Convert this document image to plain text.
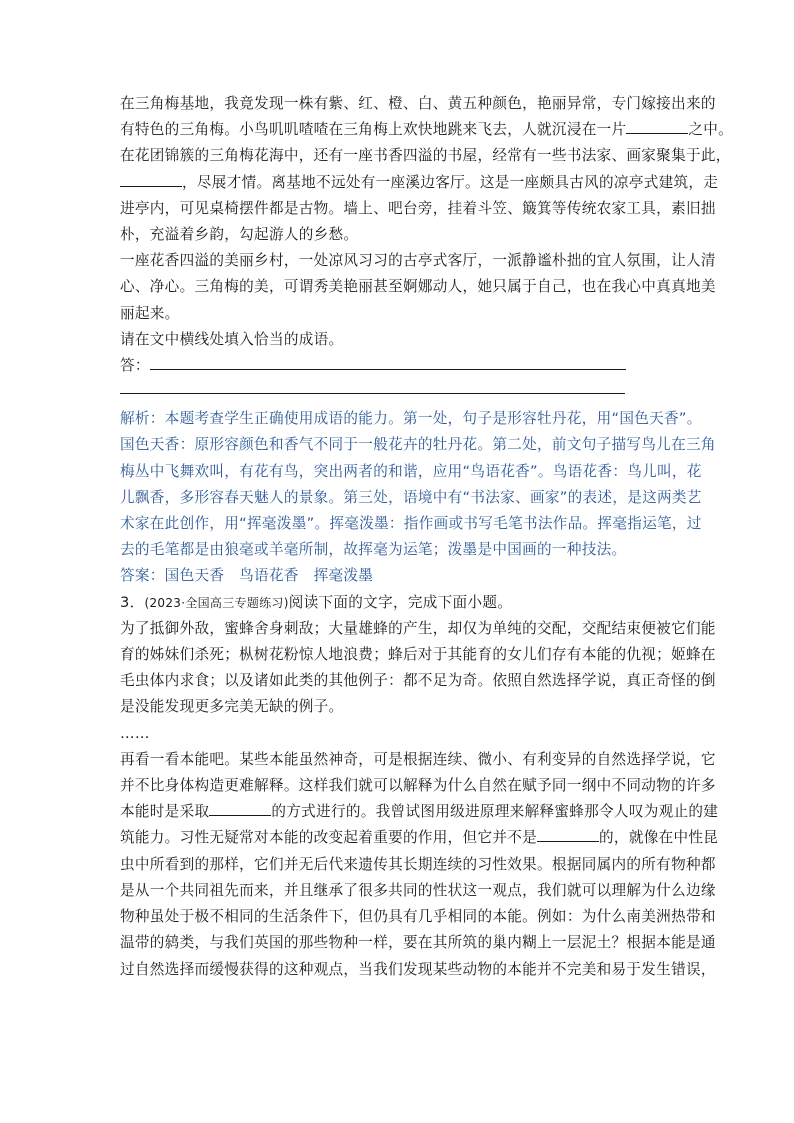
在三角梅基地，我竟发现一株有紫、红、橙、白、黄五种颜色，艳丽异常，专门嫁接出来的
有特色的三角梅。小鸟叽叽喳喳在三角梅上欢快地跳来飞去，人就沉浸在一片	之中。
在花团锦簇的三角梅花海中，还有一座书香四溢的书屋，经常有一些书法家、画家聚集于此，
，尽展才情。离基地不远处有一座溪边客厅。这是一座颇具古风的凉亭式建筑，走
进亭内，可见桌椅摆件都是古物。墙上、吧台旁，挂着斗笠、簸箕等传统农家工具，素旧拙
朴，充溢着乡韵，勾起游人的乡愁。
一座花香四溢的美丽乡村，一处凉风习习的古亭式客厅，一派静谧朴拙的宜人氛围，让人清
心、净心。三角梅的美，可谓秀美艳丽甚至婀娜动人，她只属于自己，也在我心中真真地美
丽起来。
请在文中横线处填入恰当的成语。
答：
解析：本题考查学生正确使用成语的能力。第一处，句子是形容牡丹花，用“国色天香”。
国色天香：原形容颜色和香气不同于一般花卉的牡丹花。第二处，前文句子描写鸟儿在三角
梅丛中飞舞欢叫，有花有鸟，突出两者的和谐，应用“鸟语花香”。鸟语花香：鸟儿叫，花
儿飘香，多形容春天魅人的景象。第三处，语境中有“书法家、画家”的表述，是这两类艺
术家在此创作，用“挥毫泼墨”。挥毫泼墨：指作画或书写毛笔书法作品。挥毫指运笔，过
去的毛笔都是由狼毫或羊毫所制，故挥毫为运笔；泼墨是中国画的一种技法。
答案：国色天香　鸟语花香　挥毫泼墨
3．(2023·全国高三专题练习)阅读下面的文字，完成下面小题。
为了抵御外敌，蜜蜂舍身刺敌；大量雄蜂的产生，却仅为单纯的交配，交配结束便被它们能
育的姊妹们杀死；枞树花粉惊人地浪费；蜂后对于其能育的女儿们存有本能的仇视；姬蜂在
毛虫体内求食；以及诸如此类的其他例子：都不足为奇。依照自然选择学说，真正奇怪的倒
是没能发现更多完美无缺的例子。
……
再看一看本能吧。某些本能虽然神奇，可是根据连续、微小、有利变异的自然选择学说，它
并不比身体构造更难解释。这样我们就可以解释为什么自然在赋予同一纲中不同动物的许多
本能时是采取	的方式进行的。我曾试图用级进原理来解释蜜蜂那令人叹为观止的建
筑能力。习性无疑常对本能的改变起着重要的作用，但它并不是	的，就像在中性昆
虫中所看到的那样，它们并无后代来遗传其长期连续的习性效果。根据同属内的所有物种都
是从一个共同祖先而来，并且继承了很多共同的性状这一观点，我们就可以理解为什么边缘
物种虽处于极不相同的生活条件下，但仍具有几乎相同的本能。例如：为什么南美洲热带和
温带的鸫类，与我们英国的那些物种一样，要在其所筑的巢内糊上一层泥土？根据本能是通
过自然选择而缓慢获得的这种观点，当我们发现某些动物的本能并不完美和易于发生错误，
